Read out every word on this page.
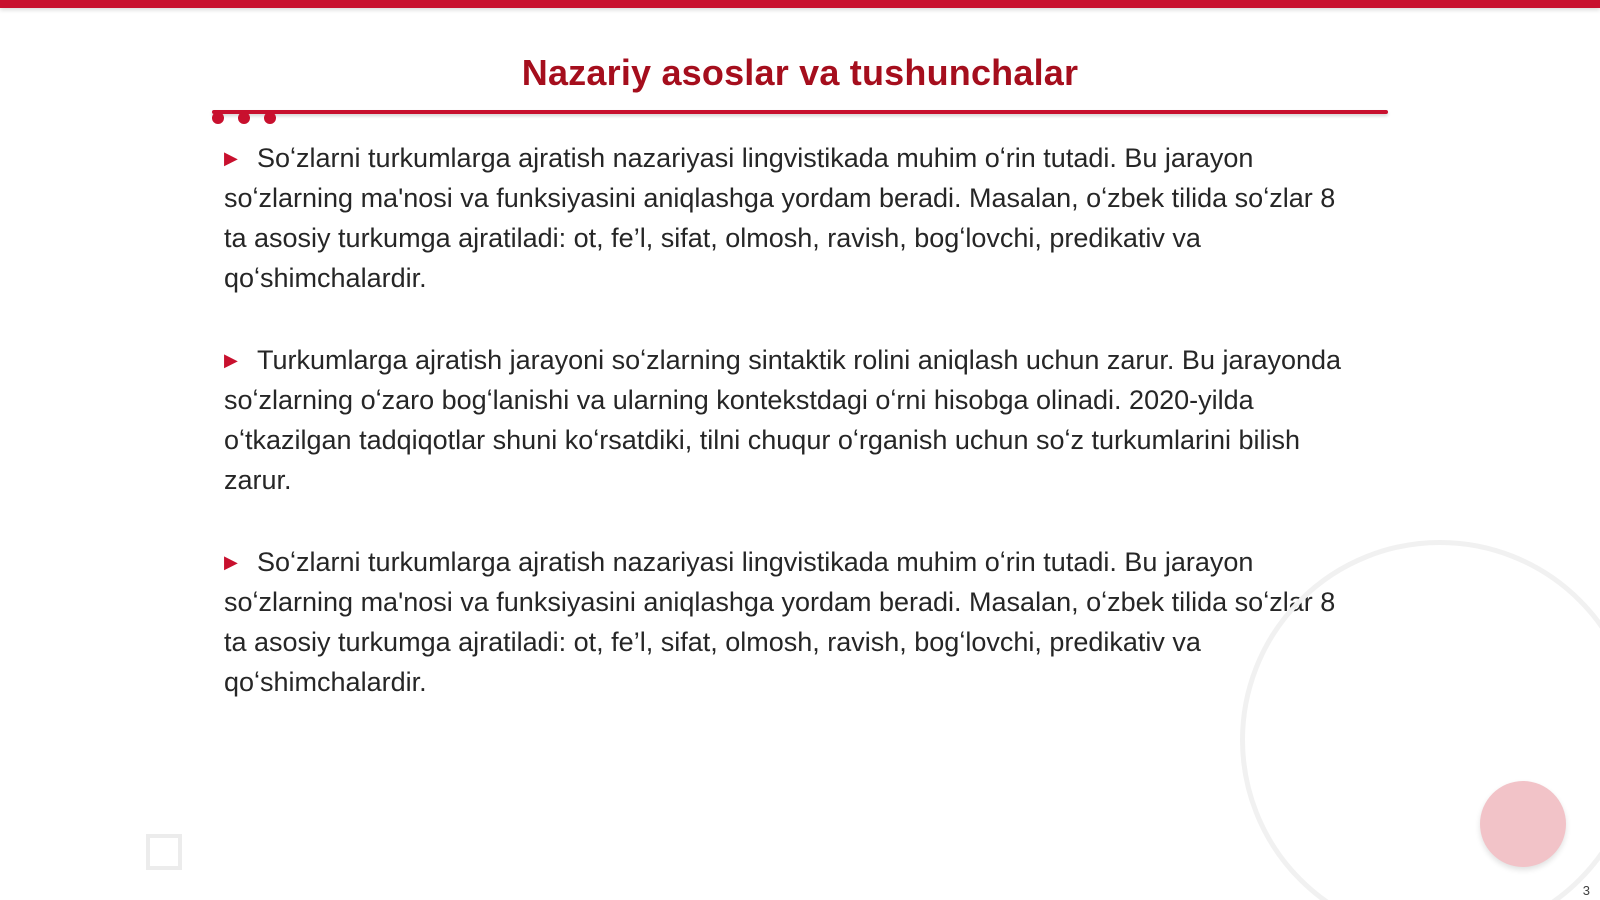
Nazariy asoslar va tushunchalar

▶ Soʻzlarni turkumlarga ajratish nazariyasi lingvistikada muhim oʻrin tutadi. Bu jarayon soʻzlarning ma'nosi va funksiyasini aniqlashga yordam beradi. Masalan, oʻzbek tilida soʻzlar 8 ta asosiy turkumga ajratiladi: ot, fe’l, sifat, olmosh, ravish, bogʻlovchi, predikativ va qoʻshimchalardir.

▶ Turkumlarga ajratish jarayoni soʻzlarning sintaktik rolini aniqlash uchun zarur. Bu jarayonda soʻzlarning oʻzaro bogʻlanishi va ularning kontekstdagi oʻrni hisobga olinadi. 2020-yilda oʻtkazilgan tadqiqotlar shuni koʻrsatdiki, tilni chuqur oʻrganish uchun soʻz turkumlarini bilish zarur.

▶ Soʻzlarni turkumlarga ajratish nazariyasi lingvistikada muhim oʻrin tutadi. Bu jarayon soʻzlarning ma'nosi va funksiyasini aniqlashga yordam beradi. Masalan, oʻzbek tilida soʻzlar 8 ta asosiy turkumga ajratiladi: ot, fe’l, sifat, olmosh, ravish, bogʻlovchi, predikativ va qoʻshimchalardir.

3
